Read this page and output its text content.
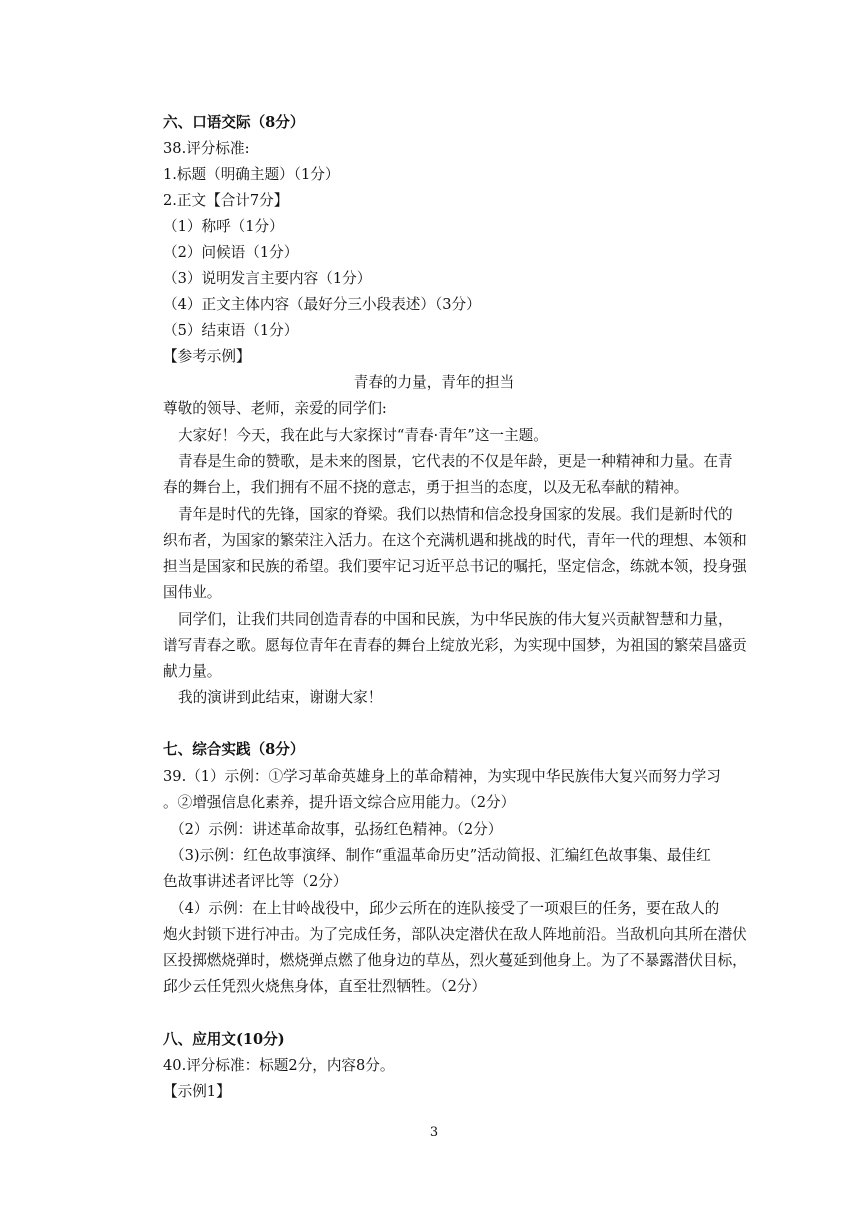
六、口语交际（8分）
38.评分标准:
1.标题（明确主题）（1分）
2.正文【合计7分】
（1）称呼（1分）
（2）问候语（1分）
（3）说明发言主要内容（1分）
（4）正文主体内容（最好分三小段表述）（3分）
（5）结束语（1分）
【参考示例】
青春的力量，青年的担当
尊敬的领导、老师，亲爱的同学们:
大家好！今天，我在此与大家探讨“青春·青年”这一主题。
青春是生命的赞歌，是未来的图景，它代表的不仅是年龄，更是一种精神和力量。在青
春的舞台上，我们拥有不屈不挠的意志，勇于担当的态度，以及无私奉献的精神。
青年是时代的先锋，国家的脊梁。我们以热情和信念投身国家的发展。我们是新时代的
织布者，为国家的繁荣注入活力。在这个充满机遇和挑战的时代，青年一代的理想、本领和
担当是国家和民族的希望。我们要牢记习近平总书记的嘱托，坚定信念，练就本领，投身强
国伟业。
同学们，让我们共同创造青春的中国和民族，为中华民族的伟大复兴贡献智慧和力量，
谱写青春之歌。愿每位青年在青春的舞台上绽放光彩，为实现中国梦，为祖国的繁荣昌盛贡
献力量。
我的演讲到此结束，谢谢大家！
七、综合实践（8分）
39.（1）示例：①学习革命英雄身上的革命精神，为实现中华民族伟大复兴而努力学习
。②增强信息化素养，提升语文综合应用能力。（2分）
（2）示例：讲述革命故事，弘扬红色精神。（2分）
（3)示例：红色故事演绎、制作“重温革命历史”活动简报、汇编红色故事集、最佳红
色故事讲述者评比等（2分）
（4）示例：在上甘岭战役中，邱少云所在的连队接受了一项艰巨的任务，要在敌人的
炮火封锁下进行冲击。为了完成任务，部队决定潜伏在敌人阵地前沿。当敌机向其所在潜伏
区投掷燃烧弹时，燃烧弹点燃了他身边的草丛，烈火蔓延到他身上。为了不暴露潜伏目标，
邱少云任凭烈火烧焦身体，直至壮烈牺牲。（2分）
八、应用文(10分)
40.评分标准：标题2分，内容8分。
【示例1】
3
